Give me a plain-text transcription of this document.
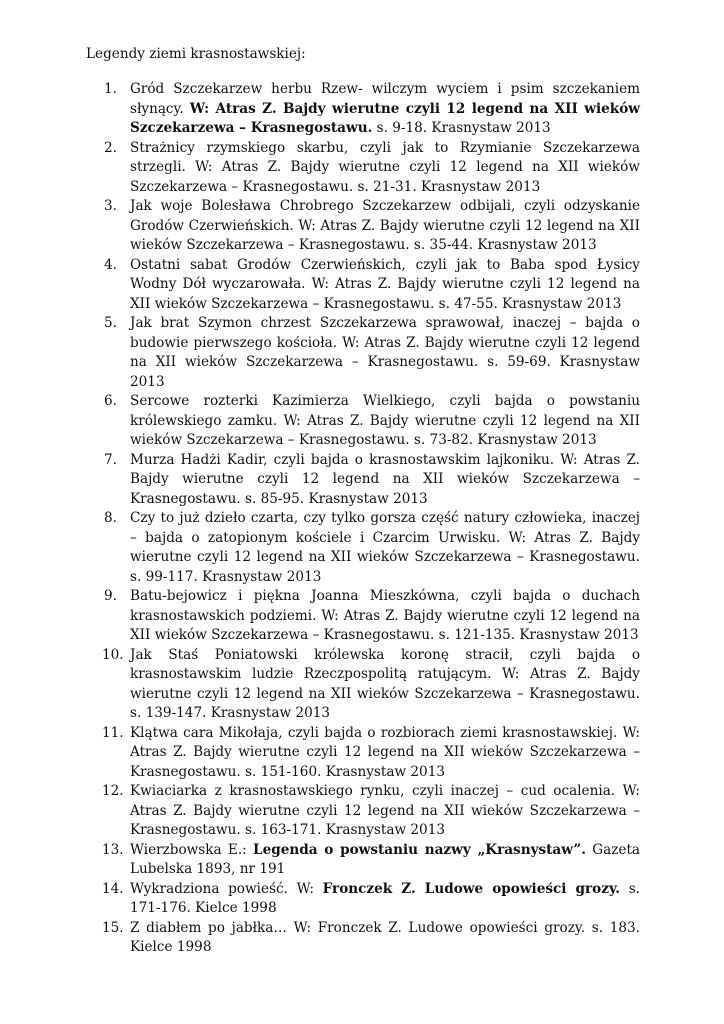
Legendy ziemi krasnostawskiej:
1. Gród Szczekarzew herbu Rzew- wilczym wyciem i psim szczekaniem słynący. W: Atras Z. Bajdy wierutne czyli 12 legend na XII wieków Szczekarzewa – Krasnegostawu. s. 9-18. Krasnystaw 2013
2. Strażnicy rzymskiego skarbu, czyli jak to Rzymianie Szczekarzewa strzegli. W: Atras Z. Bajdy wierutne czyli 12 legend na XII wieków Szczekarzewa – Krasnegostawu. s. 21-31. Krasnystaw 2013
3. Jak woje Bolesława Chrobrego Szczekarzew odbijali, czyli odzyskanie Grodów Czerwieńskich. W: Atras Z. Bajdy wierutne czyli 12 legend na XII wieków Szczekarzewa – Krasnegostawu. s. 35-44. Krasnystaw 2013
4. Ostatni sabat Grodów Czerwieńskich, czyli jak to Baba spod Łysicy Wodny Dół wyczarowała. W: Atras Z. Bajdy wierutne czyli 12 legend na XII wieków Szczekarzewa – Krasnegostawu. s. 47-55. Krasnystaw 2013
5. Jak brat Szymon chrzest Szczekarzewa sprawował, inaczej – bajda o budowie pierwszego kościoła. W: Atras Z. Bajdy wierutne czyli 12 legend na XII wieków Szczekarzewa – Krasnegostawu. s. 59-69. Krasnystaw 2013
6. Sercowe rozterki Kazimierza Wielkiego, czyli bajda o powstaniu królewskiego zamku. W: Atras Z. Bajdy wierutne czyli 12 legend na XII wieków Szczekarzewa – Krasnegostawu. s. 73-82. Krasnystaw 2013
7. Murza Hadżi Kadir, czyli bajda o krasnostawskim lajkoniku. W: Atras Z. Bajdy wierutne czyli 12 legend na XII wieków Szczekarzewa – Krasnegostawu. s. 85-95. Krasnystaw 2013
8. Czy to już dzieło czarta, czy tylko gorsza część natury człowieka, inaczej – bajda o zatopionym kościele i Czarcim Urwisku. W: Atras Z. Bajdy wierutne czyli 12 legend na XII wieków Szczekarzewa – Krasnegostawu. s. 99-117. Krasnystaw 2013
9. Batu-bejowicz i piękna Joanna Mieszkówna, czyli bajda o duchach krasnostawskich podziemi. W: Atras Z. Bajdy wierutne czyli 12 legend na XII wieków Szczekarzewa – Krasnegostawu. s. 121-135. Krasnystaw 2013
10. Jak Staś Poniatowski królewska koronę stracił, czyli bajda o krasnostawskim ludzie Rzeczpospolitą ratującym. W: Atras Z. Bajdy wierutne czyli 12 legend na XII wieków Szczekarzewa – Krasnegostawu. s. 139-147. Krasnystaw 2013
11. Klątwa cara Mikołaja, czyli bajda o rozbiorach ziemi krasnostawskiej. W: Atras Z. Bajdy wierutne czyli 12 legend na XII wieków Szczekarzewa – Krasnegostawu. s. 151-160. Krasnystaw 2013
12. Kwiaciarka z krasnostawskiego rynku, czyli inaczej – cud ocalenia. W: Atras Z. Bajdy wierutne czyli 12 legend na XII wieków Szczekarzewa – Krasnegostawu. s. 163-171. Krasnystaw 2013
13. Wierzbowska E.: Legenda o powstaniu nazwy „Krasnystaw”. Gazeta Lubelska 1893, nr 191
14. Wykradziona powieść. W: Fronczek Z. Ludowe opowieści grozy. s. 171-176. Kielce 1998
15. Z diabłem po jabłka… W: Fronczek Z. Ludowe opowieści grozy. s. 183. Kielce 1998
